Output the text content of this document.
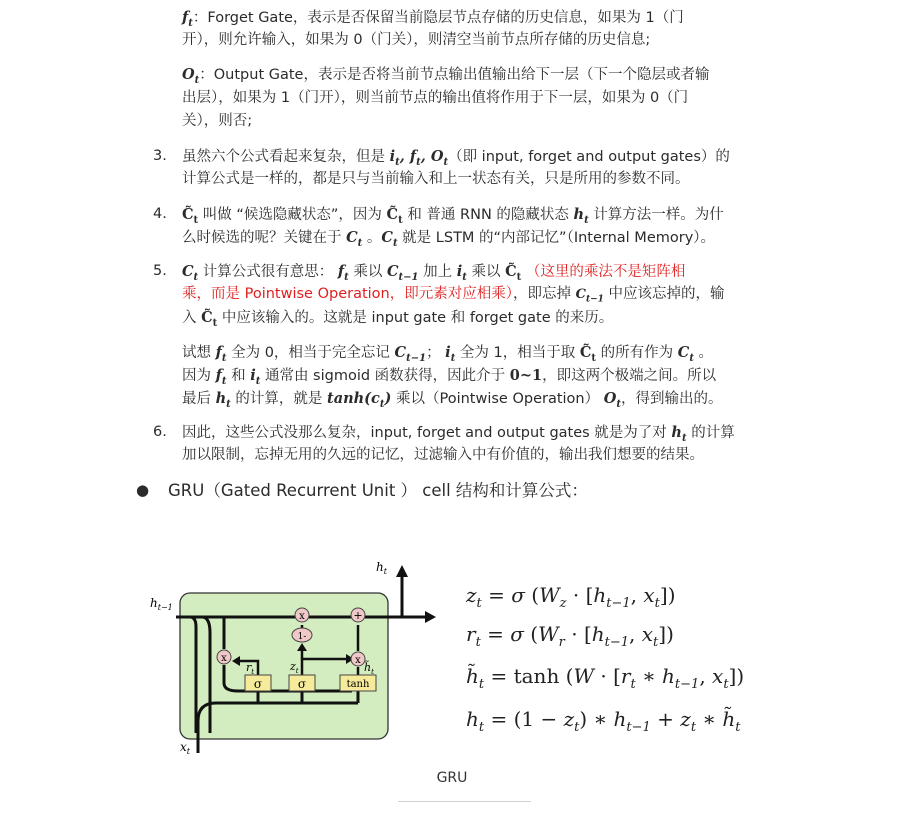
$f_t$：Forget Gate，表示是否保留当前隐层节点存储的历史信息，如果为 1（门
开），则允许输入，如果为 0（门关），则清空当前节点所存储的历史信息;
$O_t$：Output Gate，表示是否将当前节点输出值输出给下一层（下一个隐层或者输
出层），如果为 1（门开），则当前节点的输出值将作用于下一层，如果为 0（门
关），则否;
3. 虽然六个公式看起来复杂，但是 $i_t$, $f_t$, $O_t$（即 input, forget and output gates）的
计算公式是一样的，都是只与当前输入和上一状态有关，只是所用的参数不同。
4. $C̃_t$ 叫做 “候选隐藏状态”，因为 $C̃_t$ 和 普通 RNN 的隐藏状态 $h_t$ 计算方法一样。为什
么时候选的呢？关键在于 $C_t$ 。$C_t$ 就是 LSTM 的“内部记忆”（Internal Memory）。
5. $C_t$ 计算公式很有意思： $f_t$ 乘以 $C_{t-1}$ 加上 $i_t$ 乘以 $C̃_t$ （这里的乘法不是矩阵相
乘，而是 Pointwise Operation，即元素对应相乘），即忘掉 $C_{t-1}$ 中应该忘掉的，输
入 $C̃_t$ 中应该输入的。这就是 input gate 和 forget gate 的来历。
试想 $f_t$ 全为 0，相当于完全忘记 $C_{t-1}$； $i_t$ 全为 1，相当于取 $C̃_t$ 的所有作为 $C_t$ 。
因为 $f_t$ 和 $i_t$ 通常由 sigmoid 函数获得，因此介于 0~1，即这两个极端之间。所以
最后 $h_t$ 的计算，就是 $\tanh(c_t)$ 乘以（Pointwise Operation） $O_t$，得到输出的。
6. 因此，这些公式没那么复杂，input, forget and output gates 就是为了对 $h_t$ 的计算
加以限制，忘掉无用的久远的记忆，过滤输入中有价值的，输出我们想要的结果。
● GRU（Gated Recurrent Unit ） cell 结构和计算公式：
σ	σ	tanh
x
x	+
x
1-
$h_{t-1}$
$h_t$
$x_t$
$r_t$	$z_t$	$h̃_t$
$z_t = \sigma$ ($W_z \cdot [h_{t-1}$, $x_t$])
$r_t = \sigma$ ($W_r \cdot [h_{t-1}$, $x_t$])
$h̃_t = \tanh (W \cdot [r_t$ ∗ $h_{t-1}$, $x_t$])
$h_t = (1 - z_t)$ ∗ $h_{t-1} + z_t$ ∗ $h̃_t$
GRU
